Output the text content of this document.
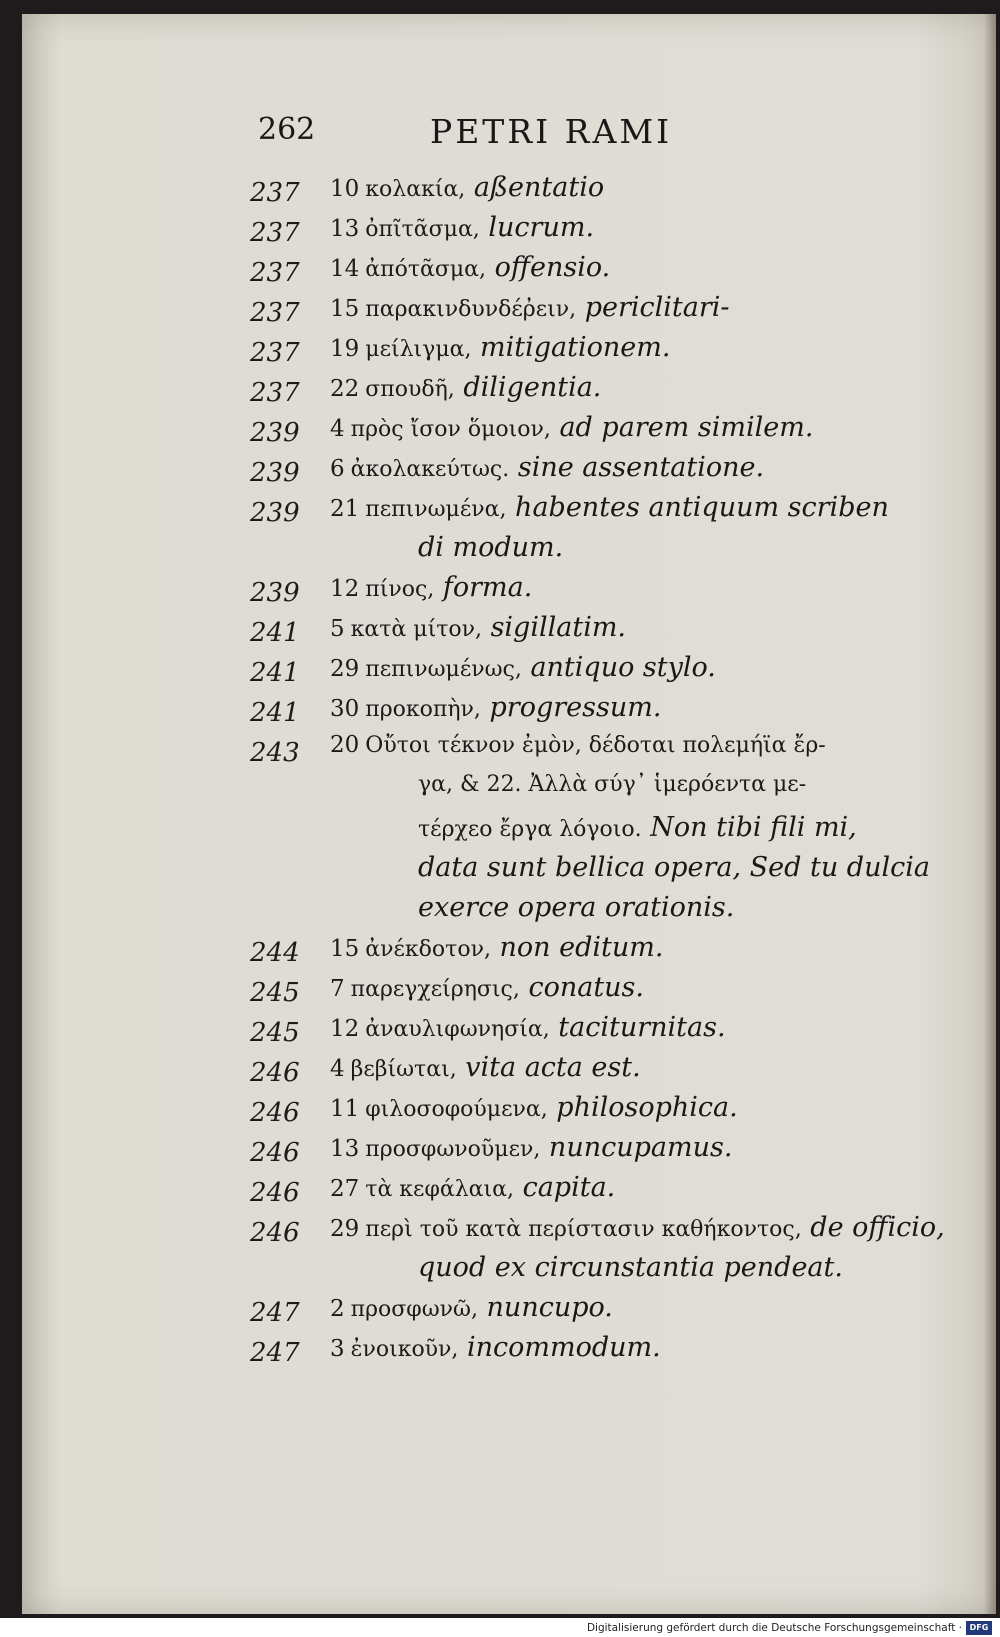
262	PETRI RAMI
237 10 κολακία, aßentatio
237 13 ὀπῖτᾶσμα, lucrum.
237 14 ἀπότᾶσμα, offensio.
237 15 παρακινδυνδέῤειν, periclitari-
237 19 μείλιγμα, mitigationem.
237 22 σπουδῆ, diligentia.
239 4 πρὸς ἴσον ὅμοιον, ad parem similem.
239 6 ἀκολακεύτως. sine assentatione.
239 21 πεπινωμένα, habentes antiquum scriben
di modum.
239 12 πίνος, forma.
241 5 κατὰ μίτον, sigillatim.
241 29 πεπινωμένως, antiquo stylo.
241 30 προκοπὴν, progressum.
243 20 Οὔτοι τέκνον ἐμὸν, δέδοται πολεμήϊα ἔρ-
γα, & 22. Ἀλλὰ σύγ᾽ ἱμερόεντα με-
τέρχεο ἔργα λόγοιο. Non tibi fili mi,
data sunt bellica opera, Sed tu dulcia
exerce opera orationis.
244 15 ἀνέκδοτον, non editum.
245 7 παρεγχείρησις, conatus.
245 12 ἀναυλιφωνησία, taciturnitas.
246 4 βεβίωται, vita acta est.
246 11 φιλοσοφούμενα, philosophica.
246 13 προσφωνοῦμεν, nuncupamus.
246 27 τὰ κεφάλαια, capita.
246 29 περὶ τοῦ κατὰ περίστασιν καθήκοντος, de officio,
quod ex circunstantia pendeat.
247 2 προσφωνῶ, nuncupo.
247 3 ἐνοικοῦν, incommodum.
Digitalisierung gefördert durch die Deutsche Forschungsgemeinschaft · DFG
